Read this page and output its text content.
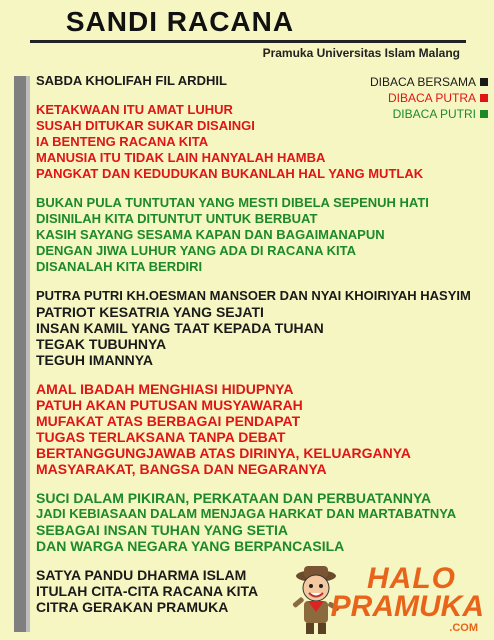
SANDI RACANA
Pramuka Universitas Islam Malang
DIBACA BERSAMA
DIBACA PUTRA
DIBACA PUTRI
SABDA KHOLIFAH FIL ARDHIL
KETAKWAAN ITU AMAT LUHUR
SUSAH DITUKAR SUKAR DISAINGI
IA BENTENG RACANA KITA
MANUSIA ITU TIDAK LAIN HANYALAH HAMBA
PANGKAT DAN KEDUDUKAN BUKANLAH HAL YANG MUTLAK
BUKAN PULA TUNTUTAN YANG MESTI DIBELA SEPENUH HATI
DISINILAH KITA DITUNTUT UNTUK BERBUAT
KASIH SAYANG SESAMA KAPAN DAN BAGAIMANAPUN
DENGAN JIWA LUHUR YANG ADA DI RACANA KITA
DISANALAH KITA BERDIRI
PUTRA PUTRI KH.OESMAN MANSOER DAN NYAI KHOIRIYAH HASYIM
PATRIOT KESATRIA YANG SEJATI
INSAN KAMIL YANG TAAT KEPADA TUHAN
TEGAK TUBUHNYA
TEGUH IMANNYA
AMAL IBADAH MENGHIASI HIDUPNYA
PATUH AKAN PUTUSAN MUSYAWARAH
MUFAKAT ATAS BERBAGAI PENDAPAT
TUGAS TERLAKSANA TANPA DEBAT
BERTANGGUNGJAWAB ATAS DIRINYA, KELUARGANYA
MASYARAKAT, BANGSA DAN NEGARANYA
SUCI DALAM PIKIRAN, PERKATAAN DAN PERBUATANNYA
JADI KEBIASAAN DALAM MENJAGA HARKAT DAN MARTABATNYA
SEBAGAI INSAN TUHAN YANG SETIA
DAN WARGA NEGARA YANG BERPANCASILA
SATYA PANDU DHARMA ISLAM
ITULAH CITA-CITA RACANA KITA
CITRA GERAKAN PRAMUKA
HALO
PRAMUKA
.COM
